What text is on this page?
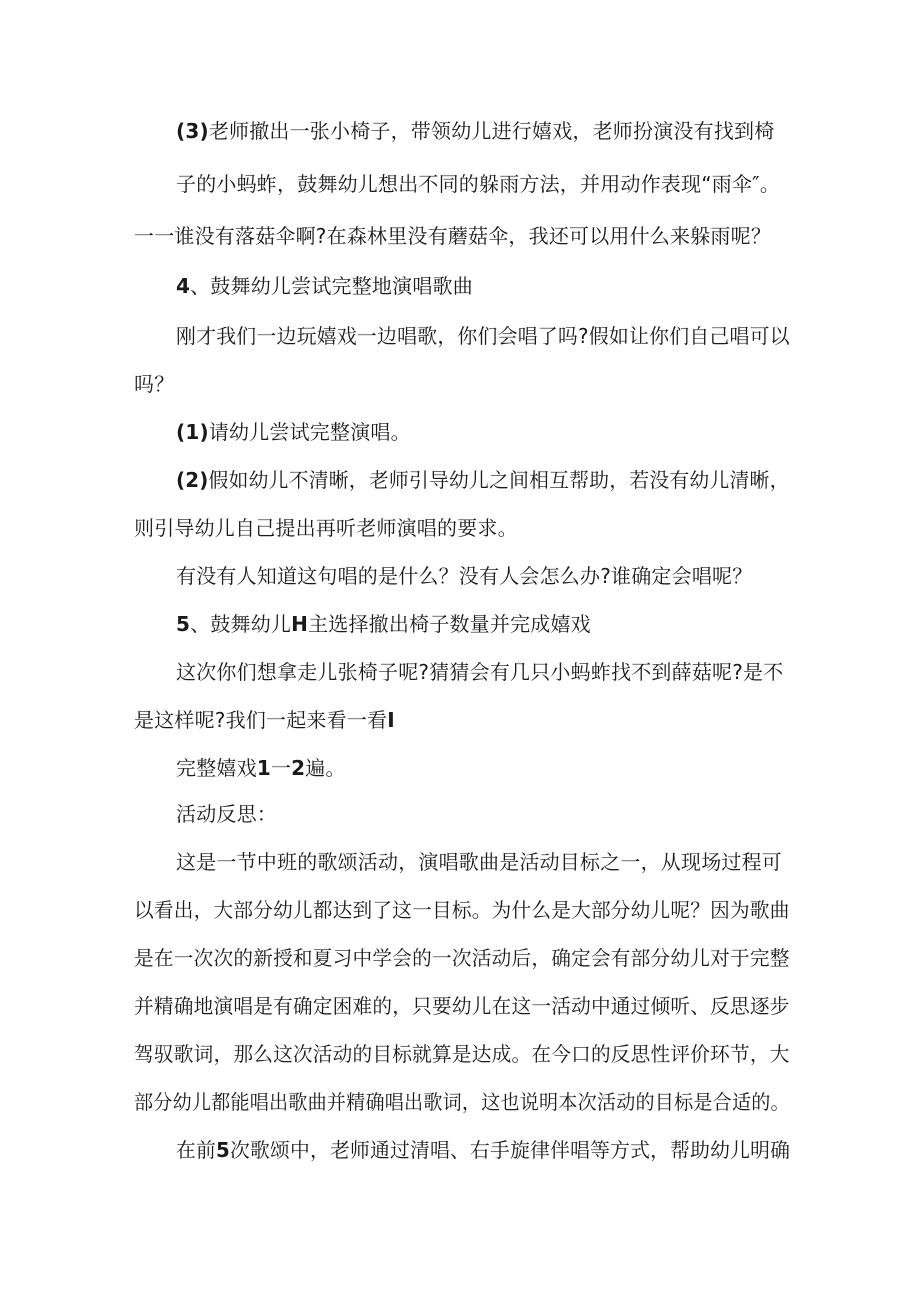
(3)老师撤出一张小椅子，带领幼儿进行嬉戏，老师扮演没有找到椅
子的小蚂蚱，鼓舞幼儿想出不同的躲雨方法，并用动作表现“雨伞″。
一一谁没有落菇伞啊?在森林里没有蘑菇伞，我还可以用什么来躲雨呢？
4、鼓舞幼儿尝试完整地演唱歌曲
刚才我们一边玩嬉戏一边唱歌，你们会唱了吗?假如让你们自己唱可以
吗？
(1)请幼儿尝试完整演唱。
(2)假如幼儿不清晰，老师引导幼儿之间相互帮助，若没有幼儿清晰，
则引导幼儿自己提出再听老师演唱的要求。
有没有人知道这句唱的是什么？没有人会怎么办?谁确定会唱呢？
5、鼓舞幼儿H主选择撤出椅子数量并完成嬉戏
这次你们想拿走儿张椅子呢?猜猜会有几只小蚂蚱找不到薛菇呢?是不
是这样呢?我们一起来看一看I
完整嬉戏1一2遍。
活动反思：
这是一节中班的歌颂活动，演唱歌曲是活动目标之一，从现场过程可
以看出，大部分幼儿都达到了这一目标。为什么是大部分幼儿呢？因为歌曲
是在一次次的新授和夏习中学会的一次活动后，确定会有部分幼儿对于完整
并精确地演唱是有确定困难的，只要幼儿在这一活动中通过倾听、反思逐步
驾驭歌词，那么这次活动的目标就算是达成。在今口的反思性评价环节，大
部分幼儿都能唱出歌曲并精确唱出歌词，这也说明本次活动的目标是合适的。
在前5次歌颂中，老师通过清唱、右手旋律伴唱等方式，帮助幼儿明确
